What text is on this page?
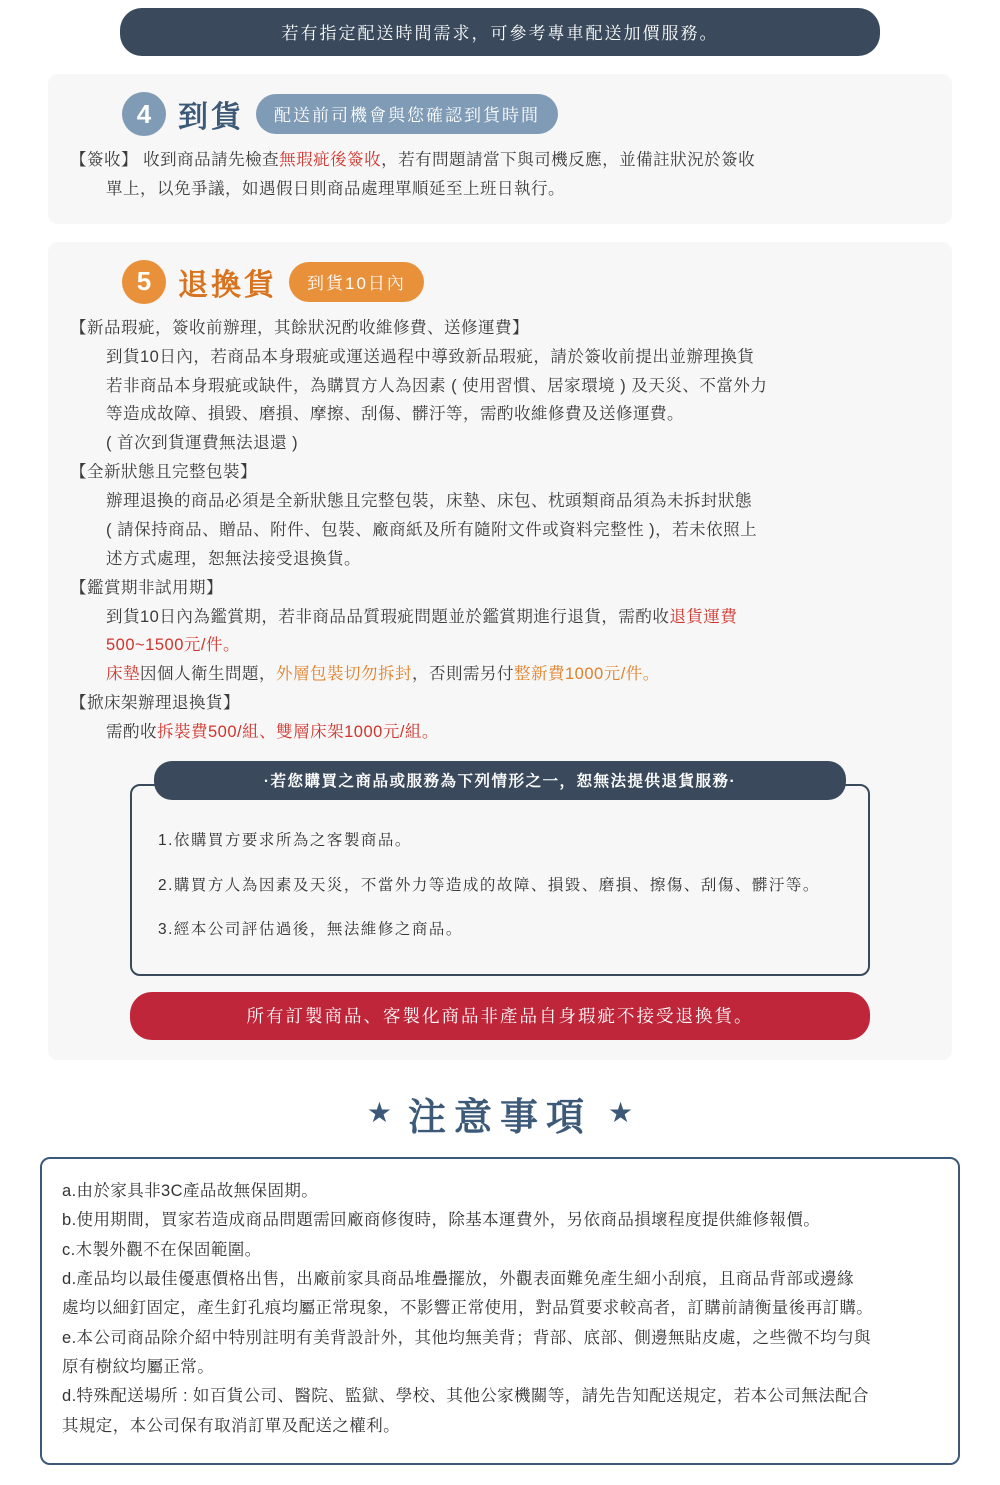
若有指定配送時間需求，可參考專車配送加價服務。
4 到貨	配送前司機會與您確認到貨時間

【簽收】 收到商品請先檢查無瑕疵後簽收，若有問題請當下與司機反應，並備註狀況於簽收

單上，以免爭議，如遇假日則商品處理單順延至上班日執行。

5 退換貨	到貨10日內

【新品瑕疵，簽收前辦理，其餘狀況酌收維修費、送修運費】

到貨10日內，若商品本身瑕疵或運送過程中導致新品瑕疵，請於簽收前提出並辦理換貨

若非商品本身瑕疵或缺件，為購買方人為因素 ( 使用習慣、居家環境 ) 及天災、不當外力

等造成故障、損毀、磨損、摩擦、刮傷、髒汙等，需酌收維修費及送修運費。

( 首次到貨運費無法退還 )

【全新狀態且完整包裝】

辦理退換的商品必須是全新狀態且完整包裝，床墊、床包、枕頭類商品須為未拆封狀態

( 請保持商品、贈品、附件、包裝、廠商紙及所有隨附文件或資料完整性 )，若未依照上

述方式處理，恕無法接受退換貨。

【鑑賞期非試用期】

到貨10日內為鑑賞期，若非商品品質瑕疵問題並於鑑賞期進行退貨，需酌收退貨運費

500~1500元/件。

床墊因個人衛生問題，外層包裝切勿拆封，否則需另付整新費1000元/件。

【掀床架辦理退換貨】

需酌收拆裝費500/組、雙層床架1000元/組。

·若您購買之商品或服務為下列情形之一，恕無法提供退貨服務·

1.依購買方要求所為之客製商品。

2.購買方人為因素及天災，不當外力等造成的故障、損毀、磨損、擦傷、刮傷、髒汙等。

3.經本公司評估過後，無法維修之商品。

所有訂製商品、客製化商品非產品自身瑕疵不接受退換貨。
★ 注意事項 ★

a.由於家具非3C產品故無保固期。

b.使用期間，買家若造成商品問題需回廠商修復時，除基本運費外，另依商品損壞程度提供維修報價。

c.木製外觀不在保固範圍。

d.產品均以最佳優惠價格出售，出廠前家具商品堆疊擺放，外觀表面難免產生細小刮痕，且商品背部或邊緣

處均以細釘固定，產生釘孔痕均屬正常現象，不影響正常使用，對品質要求較高者，訂購前請衡量後再訂購。

e.本公司商品除介紹中特別註明有美背設計外，其他均無美背；背部、底部、側邊無貼皮處，之些微不均勻與

原有樹紋均屬正常。

d.特殊配送場所 : 如百貨公司、醫院、監獄、學校、其他公家機關等，請先告知配送規定，若本公司無法配合

其規定，本公司保有取消訂單及配送之權利。
